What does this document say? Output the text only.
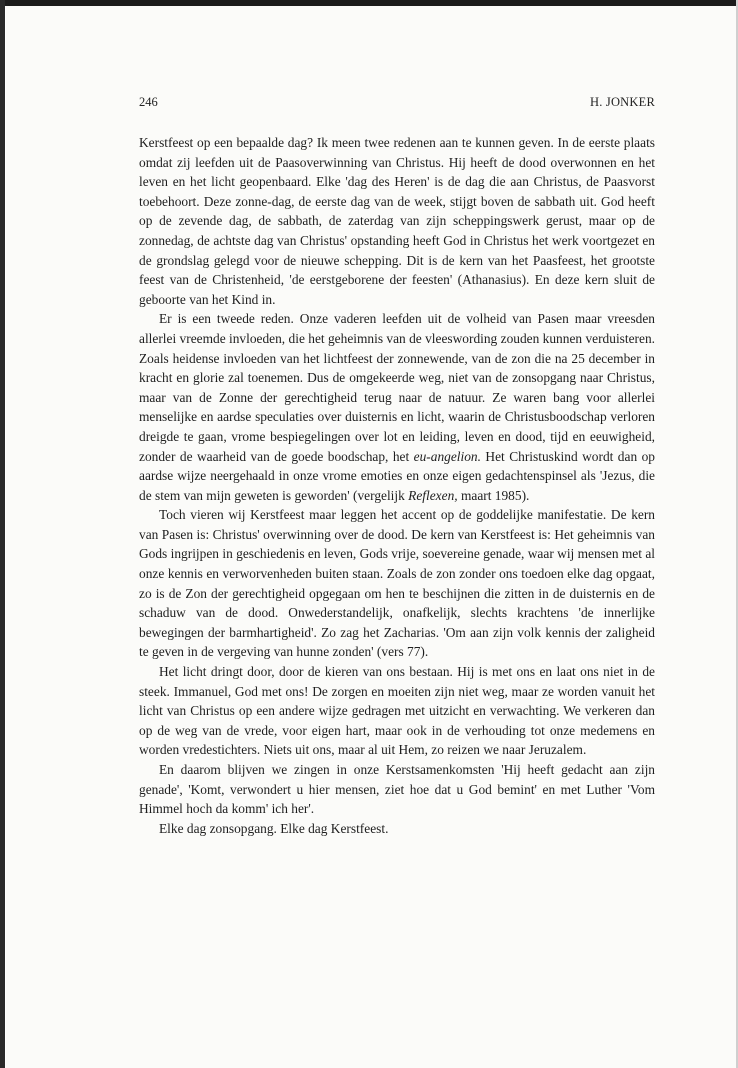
246	H. JONKER

Kerstfeest op een bepaalde dag? Ik meen twee redenen aan te kunnen geven. In de eerste plaats omdat zij leefden uit de Paasoverwinning van Christus. Hij heeft de dood overwonnen en het leven en het licht geopenbaard. Elke 'dag des Heren' is de dag die aan Christus, de Paasvorst toebehoort. Deze zonne-dag, de eerste dag van de week, stijgt boven de sabbath uit. God heeft op de zevende dag, de sabbath, de zaterdag van zijn scheppingswerk gerust, maar op de zonnedag, de achtste dag van Christus' opstanding heeft God in Christus het werk voortgezet en de grondslag gelegd voor de nieuwe schepping. Dit is de kern van het Paasfeest, het grootste feest van de Christenheid, 'de eerstgeborene der feesten' (Athanasius). En deze kern sluit de geboorte van het Kind in.

Er is een tweede reden. Onze vaderen leefden uit de volheid van Pasen maar vreesden allerlei vreemde invloeden, die het geheimnis van de vleeswording zouden kunnen verduisteren. Zoals heidense invloeden van het lichtfeest der zonnewende, van de zon die na 25 december in kracht en glorie zal toenemen. Dus de omgekeerde weg, niet van de zonsopgang naar Christus, maar van de Zonne der gerechtigheid terug naar de natuur. Ze waren bang voor allerlei menselijke en aardse speculaties over duisternis en licht, waarin de Christusboodschap verloren dreigde te gaan, vrome bespiegelingen over lot en leiding, leven en dood, tijd en eeuwigheid, zonder de waarheid van de goede boodschap, het eu-angelion. Het Christuskind wordt dan op aardse wijze neergehaald in onze vrome emoties en onze eigen gedachtenspinsel als 'Jezus, die de stem van mijn geweten is geworden' (vergelijk Reflexen, maart 1985).

Toch vieren wij Kerstfeest maar leggen het accent op de goddelijke manifestatie. De kern van Pasen is: Christus' overwinning over de dood. De kern van Kerstfeest is: Het geheimnis van Gods ingrijpen in geschiedenis en leven, Gods vrije, soevereine genade, waar wij mensen met al onze kennis en verworvenheden buiten staan. Zoals de zon zonder ons toedoen elke dag opgaat, zo is de Zon der gerechtigheid opgegaan om hen te beschijnen die zitten in de duisternis en de schaduw van de dood. Onwederstandelijk, onafkelijk, slechts krachtens 'de innerlijke bewegingen der barmhartigheid'. Zo zag het Zacharias. 'Om aan zijn volk kennis der zaligheid te geven in de vergeving van hunne zonden' (vers 77).

Het licht dringt door, door de kieren van ons bestaan. Hij is met ons en laat ons niet in de steek. Immanuel, God met ons! De zorgen en moeiten zijn niet weg, maar ze worden vanuit het licht van Christus op een andere wijze gedragen met uitzicht en verwachting. We verkeren dan op de weg van de vrede, voor eigen hart, maar ook in de verhouding tot onze medemens en worden vredestichters. Niets uit ons, maar al uit Hem, zo reizen we naar Jeruzalem.

En daarom blijven we zingen in onze Kerstsamenkomsten 'Hij heeft gedacht aan zijn genade', 'Komt, verwondert u hier mensen, ziet hoe dat u God bemint' en met Luther 'Vom Himmel hoch da komm' ich her'.

Elke dag zonsopgang. Elke dag Kerstfeest.
